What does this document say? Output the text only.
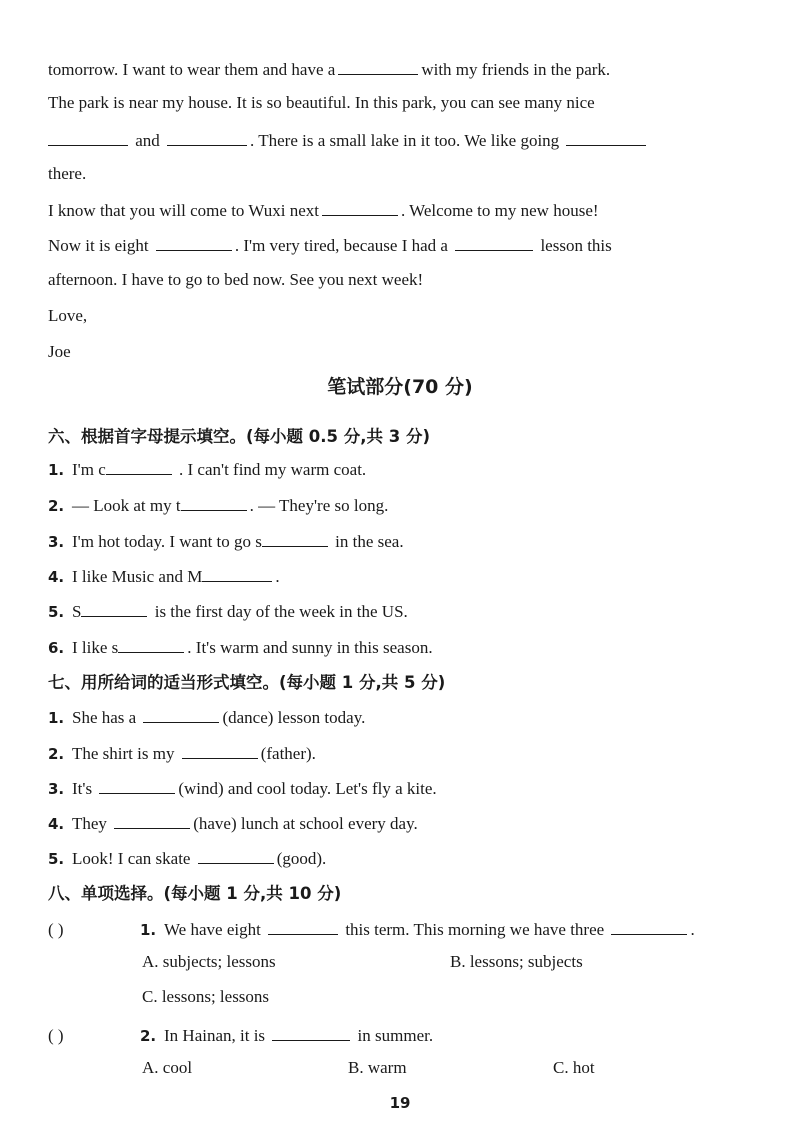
tomorrow. I want to wear them and have a	with my friends in the park.
The park is near my house. It is so beautiful. In this park, you can see many nice
and	. There is a small lake in it too. We like going
there.
I know that you will come to Wuxi next	. Welcome to my new house!
Now it is eight	. I'm very tired, because I had a	lesson this
afternoon. I have to go to bed now. See you next week!
Love,
Joe
笔试部分(70 分)
六、根据首字母提示填空。(每小题 0.5 分,共 3 分)
1. I'm c	. I can't find my warm coat.
2. — Look at my t	. — They're so long.
3. I'm hot today. I want to go s	in the sea.
4. I like Music and M	.
5. S	is the first day of the week in the US.
6. I like s	. It's warm and sunny in this season.
七、用所给词的适当形式填空。(每小题 1 分,共 5 分)
1. She has a	(dance) lesson today.
2. The shirt is my	(father).
3. It's	(wind) and cool today. Let's fly a kite.
4. They	(have) lunch at school every day.
5. Look! I can skate	(good).
八、单项选择。(每小题 1 分,共 10 分)
( )	1. We have eight	this term. This morning we have three	.
A. subjects; lessons	B. lessons; subjects
C. lessons; lessons
( )	2. In Hainan, it is	in summer.
A. cool	B. warm	C. hot
19
